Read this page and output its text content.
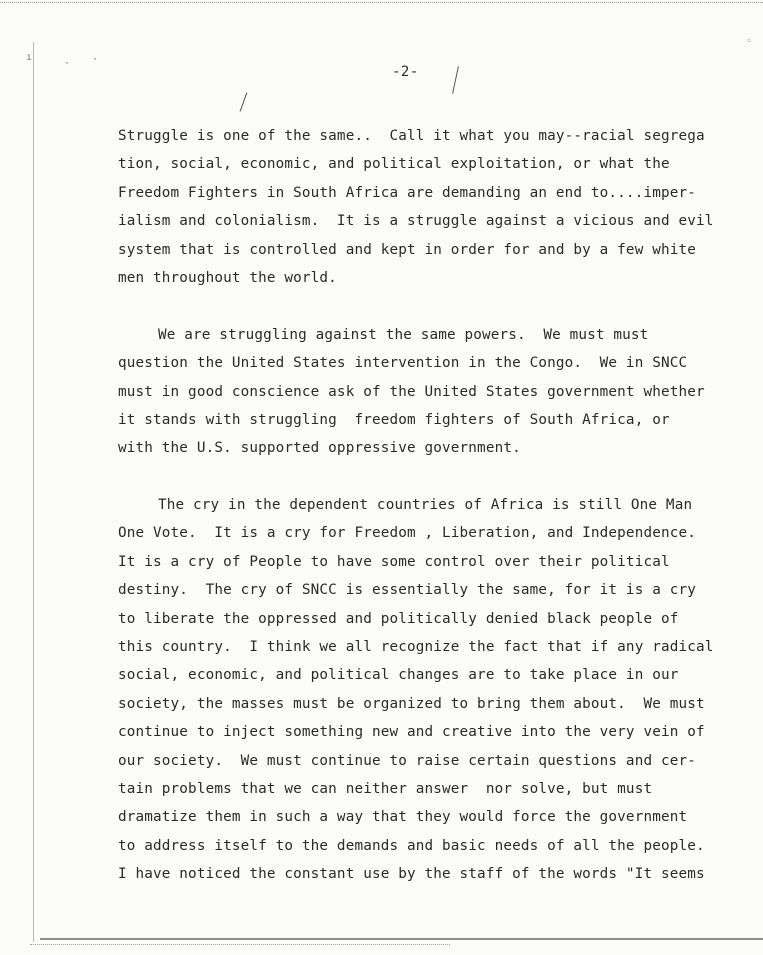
ı
· ·
◦
-2-
Struggle is one of the same..  Call it what you may--racial segrega
tion, social, economic, and political exploitation, or what the
Freedom Fighters in South Africa are demanding an end to....imper-
ialism and colonialism.  It is a struggle against a vicious and evil
system that is controlled and kept in order for and by a few white
men throughout the world.
We are struggling against the same powers.  We must must
question the United States intervention in the Congo.  We in SNCC
must in good conscience ask of the United States government whether
it stands with struggling  freedom fighters of South Africa, or
with the U.S. supported oppressive government.
The cry in the dependent countries of Africa is still One Man
One Vote.  It is a cry for Freedom , Liberation, and Independence.
It is a cry of People to have some control over their political
destiny.  The cry of SNCC is essentially the same, for it is a cry
to liberate the oppressed and politically denied black people of
this country.  I think we all recognize the fact that if any radical
social, economic, and political changes are to take place in our
society, the masses must be organized to bring them about.  We must
continue to inject something new and creative into the very vein of
our society.  We must continue to raise certain questions and cer-
tain problems that we can neither answer  nor solve, but must
dramatize them in such a way that they would force the government
to address itself to the demands and basic needs of all the people.
I have noticed the constant use by the staff of the words "It seems
